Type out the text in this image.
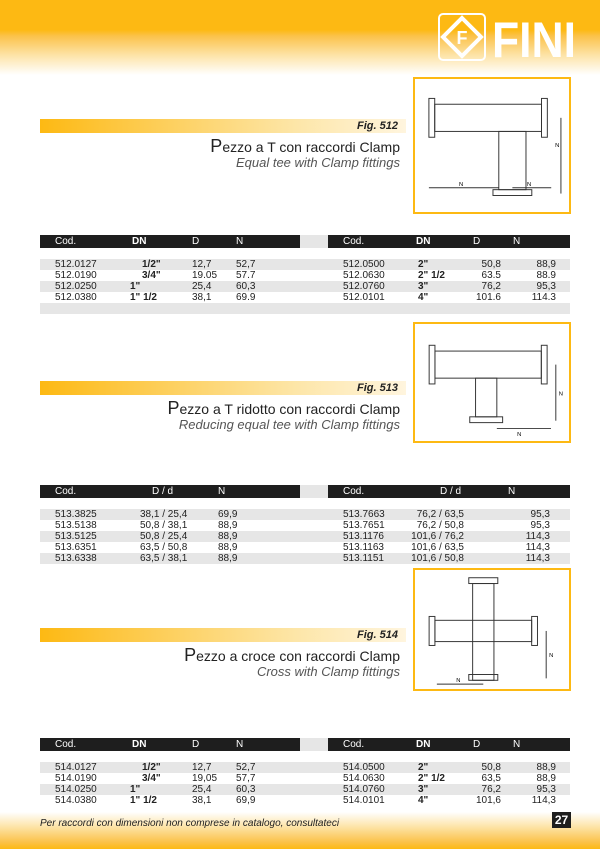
F FINI
Fig. 512
Pezzo a T con raccordi Clamp
Equal tee with Clamp fittings
N	N
N
Cod.	DN	D	N	Cod.	DN	D	N
512.0127	1/2"	12,7 52,7	512.0500	2"	50,8	88,9
512.0190	3/4"	19.05 57.7	512.0630	2" 1/2	63.5	88.9
512.0250	1"	25,4 60,3	512.0760	3"	76,2	95,3
512.0380	1" 1/2	38,1 69.9	512.0101	4"	101.6	114.3
Fig. 513
Pezzo a T ridotto con raccordi Clamp
Reducing equal tee with Clamp fittings
N
N
Cod.	D / d	N	Cod.	D / d	N
513.3825	38,1 / 25,4	69,9	513.7663	76,2 / 63,5	95,3
513.5138	50,8 / 38,1	88,9	513.7651	76,2 / 50,8	95,3
513.5125	50,8 / 25,4	88,9	513.1176	101,6 / 76,2	114,3
513.6351	63,5 / 50,8	88,9	513.1163	101,6 / 63,5	114,3
513.6338	63,5 / 38,1	88,9	513.1151	101,6 / 50,8	114,3
Fig. 514
Pezzo a croce con raccordi Clamp
Cross with Clamp fittings
N
N
Cod.	DN	D	N	Cod.	DN	D	N
514.0127	1/2"	12,7 52,7	514.0500	2"	50,8	88,9
514.0190	3/4"	19,05 57,7	514.0630	2" 1/2	63,5	88,9
514.0250	1"	25,4 60,3	514.0760	3"	76,2	95,3
514.0380	1" 1/2	38,1 69,9	514.0101	4"	101,6	114,3
Per raccordi con dimensioni non comprese in catalogo, consultateci	27
